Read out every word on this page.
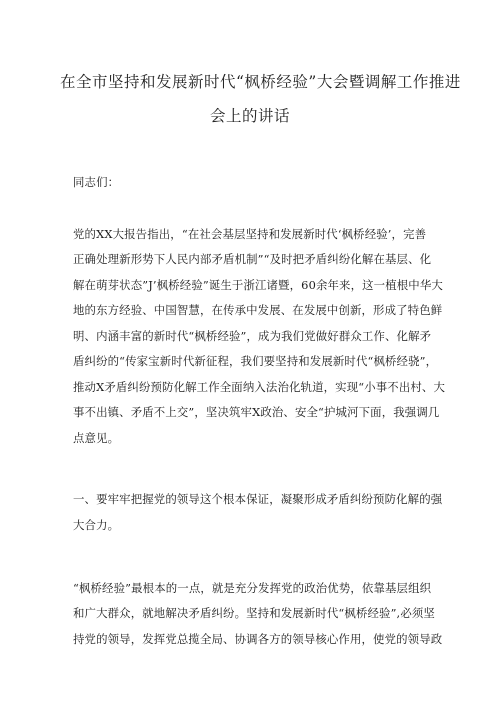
在全市坚持和发展新时代“枫桥经验”大会暨调解工作推进
会上的讲话
同志们：
党的XX大报告指出，“在社会基层坚持和发展新时代‘枫桥经验’，完善
正确处理新形势下人民内部矛盾机制”“及时把矛盾纠纷化解在基层、化
解在萌芽状态”J’枫桥经验”诞生于浙江诸暨，60余年来，这一植根中华大
地的东方经验、中国智慧，在传承中发展、在发展中创新，形成了特色鲜
明、内涵丰富的新时代“枫桥经验”，成为我们党做好群众工作、化解矛
盾纠纷的“传家宝新时代新征程，我们要坚持和发展新时代“枫桥经骁”，
推动X矛盾纠纷预防化解工作全面纳入法治化轨道，实现“小事不出村、大
事不出镇、矛盾不上交”，坚决筑牢X政治、安全“护城河下面，我强调几
点意见。
一、要牢牢把握党的领导这个根本保证，凝聚形成矛盾纠纷预防化解的强
大合力。
“枫桥经验”最根本的一点，就是充分发挥党的政治优势，依靠基层组织
和广大群众，就地解决矛盾纠纷。坚持和发展新时代“枫桥经验”,必须坚
持党的领导，发挥党总揽全局、协调各方的领导核心作用，使党的领导政
